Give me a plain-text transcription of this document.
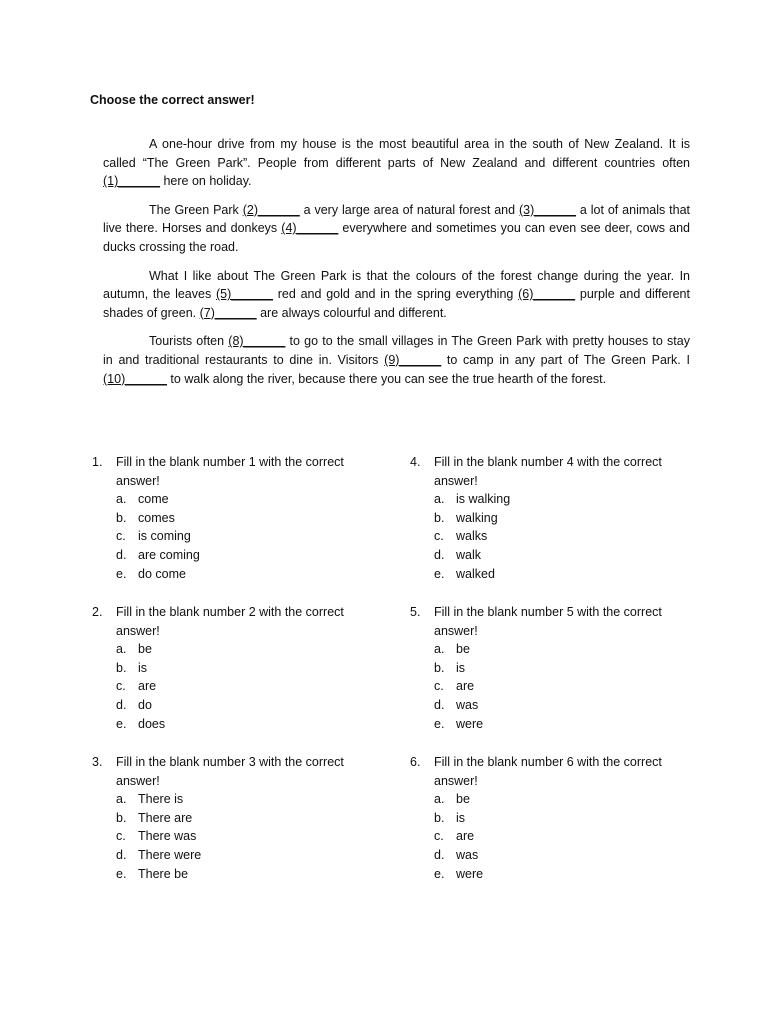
Choose the correct answer!

A one-hour drive from my house is the most beautiful area in the south of New Zealand. It is called “The Green Park”. People from different parts of New Zealand and different countries often (1)______ here on holiday.

The Green Park (2)______ a very large area of natural forest and (3)______ a lot of animals that live there. Horses and donkeys (4)______ everywhere and sometimes you can even see deer, cows and ducks crossing the road.

What I like about The Green Park is that the colours of the forest change during the year. In autumn, the leaves (5)______ red and gold and in the spring everything (6)______ purple and different shades of green. (7)______ are always colourful and different.

Tourists often (8)______ to go to the small villages in The Green Park with pretty houses to stay in and traditional restaurants to dine in. Visitors (9)______ to camp in any part of The Green Park. I (10)______ to walk along the river, because there you can see the true hearth of the forest.

1. Fill in the blank number 1 with the correct answer!
a. come
b. comes
c. is coming
d. are coming
e. do come
2. Fill in the blank number 2 with the correct answer!
a. be
b. is
c. are
d. do
e. does
3. Fill in the blank number 3 with the correct answer!
a. There is
b. There are
c. There was
d. There were
e. There be
4. Fill in the blank number 4 with the correct answer!
a. is walking
b. walking
c. walks
d. walk
e. walked
5. Fill in the blank number 5 with the correct answer!
a. be
b. is
c. are
d. was
e. were
6. Fill in the blank number 6 with the correct answer!
a. be
b. is
c. are
d. was
e. were
